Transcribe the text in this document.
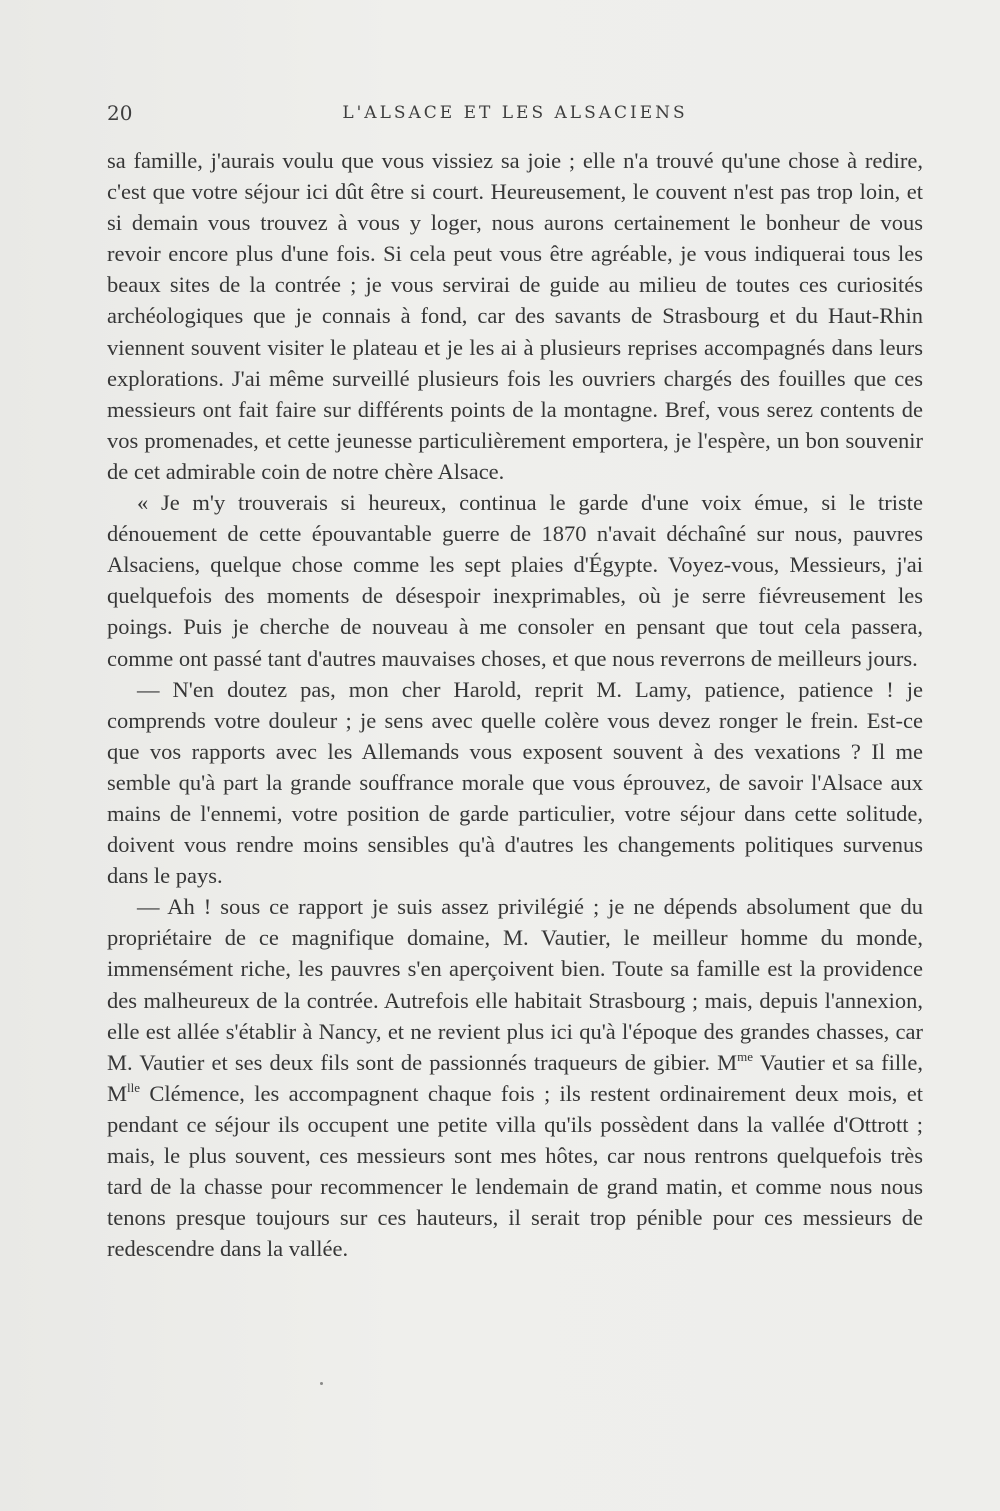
20	L'ALSACE ET LES ALSACIENS

sa famille, j'aurais voulu que vous vissiez sa joie ; elle n'a trouvé qu'une chose à redire, c'est que votre séjour ici dût être si court. Heureusement, le couvent n'est pas trop loin, et si demain vous trouvez à vous y loger, nous aurons certainement le bonheur de vous revoir encore plus d'une fois. Si cela peut vous être agréable, je vous indiquerai tous les beaux sites de la contrée ; je vous servirai de guide au milieu de toutes ces curiosités archéologiques que je connais à fond, car des savants de Strasbourg et du Haut-Rhin viennent souvent visiter le plateau et je les ai à plusieurs reprises accompagnés dans leurs explorations. J'ai même surveillé plusieurs fois les ouvriers chargés des fouilles que ces messieurs ont fait faire sur différents points de la montagne. Bref, vous serez contents de vos promenades, et cette jeunesse particulièrement emportera, je l'espère, un bon souvenir de cet admirable coin de notre chère Alsace.

« Je m'y trouverais si heureux, continua le garde d'une voix émue, si le triste dénouement de cette épouvantable guerre de 1870 n'avait déchaîné sur nous, pauvres Alsaciens, quelque chose comme les sept plaies d'Égypte. Voyez-vous, Messieurs, j'ai quelquefois des moments de désespoir inexprimables, où je serre fiévreusement les poings. Puis je cherche de nouveau à me consoler en pensant que tout cela passera, comme ont passé tant d'autres mauvaises choses, et que nous reverrons de meilleurs jours.

— N'en doutez pas, mon cher Harold, reprit M. Lamy, patience, patience ! je comprends votre douleur ; je sens avec quelle colère vous devez ronger le frein. Est-ce que vos rapports avec les Allemands vous exposent souvent à des vexations ? Il me semble qu'à part la grande souffrance morale que vous éprouvez, de savoir l'Alsace aux mains de l'ennemi, votre position de garde particulier, votre séjour dans cette solitude, doivent vous rendre moins sensibles qu'à d'autres les changements politiques survenus dans le pays.

— Ah ! sous ce rapport je suis assez privilégié ; je ne dépends absolument que du propriétaire de ce magnifique domaine, M. Vautier, le meilleur homme du monde, immensément riche, les pauvres s'en aperçoivent bien. Toute sa famille est la providence des malheureux de la contrée. Autrefois elle habitait Strasbourg ; mais, depuis l'annexion, elle est allée s'établir à Nancy, et ne revient plus ici qu'à l'époque des grandes chasses, car M. Vautier et ses deux fils sont de passionnés traqueurs de gibier. $M^{me}$ Vautier et sa fille, $M^{lle}$ Clémence, les accompagnent chaque fois ; ils restent ordinairement deux mois, et pendant ce séjour ils occupent une petite villa qu'ils possèdent dans la vallée d'Ottrott ; mais, le plus souvent, ces messieurs sont mes hôtes, car nous rentrons quelquefois très tard de la chasse pour recommencer le lendemain de grand matin, et comme nous nous tenons presque toujours sur ces hauteurs, il serait trop pénible pour ces messieurs de redescendre dans la vallée.
